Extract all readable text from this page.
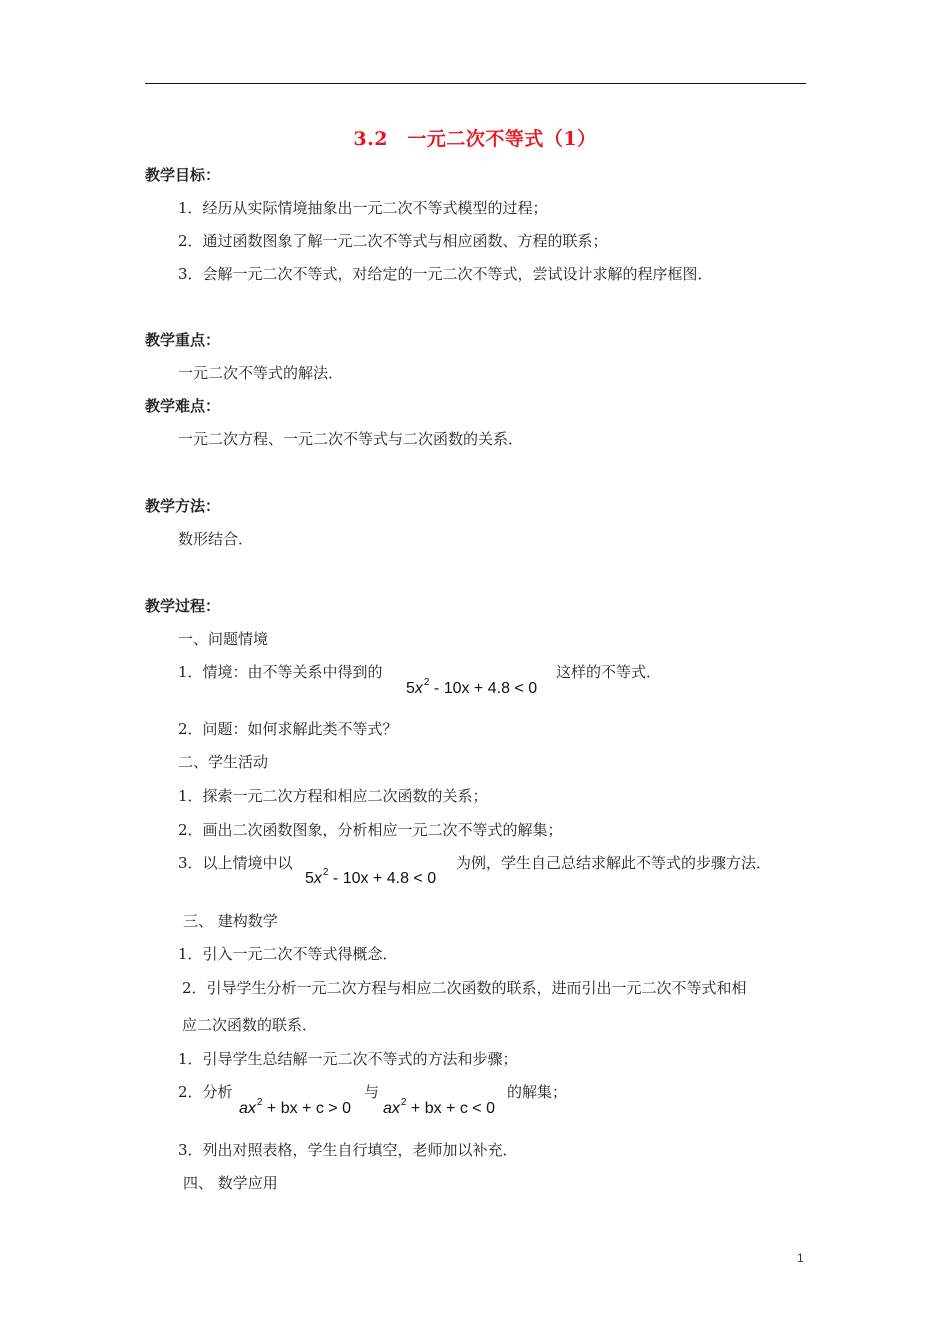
3.2　一元二次不等式（1）
教学目标：
1．经历从实际情境抽象出一元二次不等式模型的过程；
2．通过函数图象了解一元二次不等式与相应函数、方程的联系；
3．会解一元二次不等式，对给定的一元二次不等式，尝试设计求解的程序框图．
教学重点：
一元二次不等式的解法．
教学难点：
一元二次方程、一元二次不等式与二次函数的关系．
教学方法：
数形结合．
教学过程：
一、问题情境
1．情境：由不等关系中得到的
$5x^2 - 10x + 4.8 < 0$
这样的不等式．
2．问题：如何求解此类不等式？
二、学生活动
1．探索一元二次方程和相应二次函数的关系；
2．画出二次函数图象，分析相应一元二次不等式的解集；
3．以上情境中以
$5x^2 - 10x + 4.8 < 0$
为例，学生自己总结求解此不等式的步骤方法．
三、 建构数学
1．引入一元二次不等式得概念．
2．引导学生分析一元二次方程与相应二次函数的联系，进而引出一元二次不等式和相
应二次函数的联系．
1．引导学生总结解一元二次不等式的方法和步骤；
2．分析
$ax^2$ + bx + c > 0
与
$ax^2$ + bx + c < 0
的解集；
3．列出对照表格，学生自行填空，老师加以补充．
四、 数学应用
1
